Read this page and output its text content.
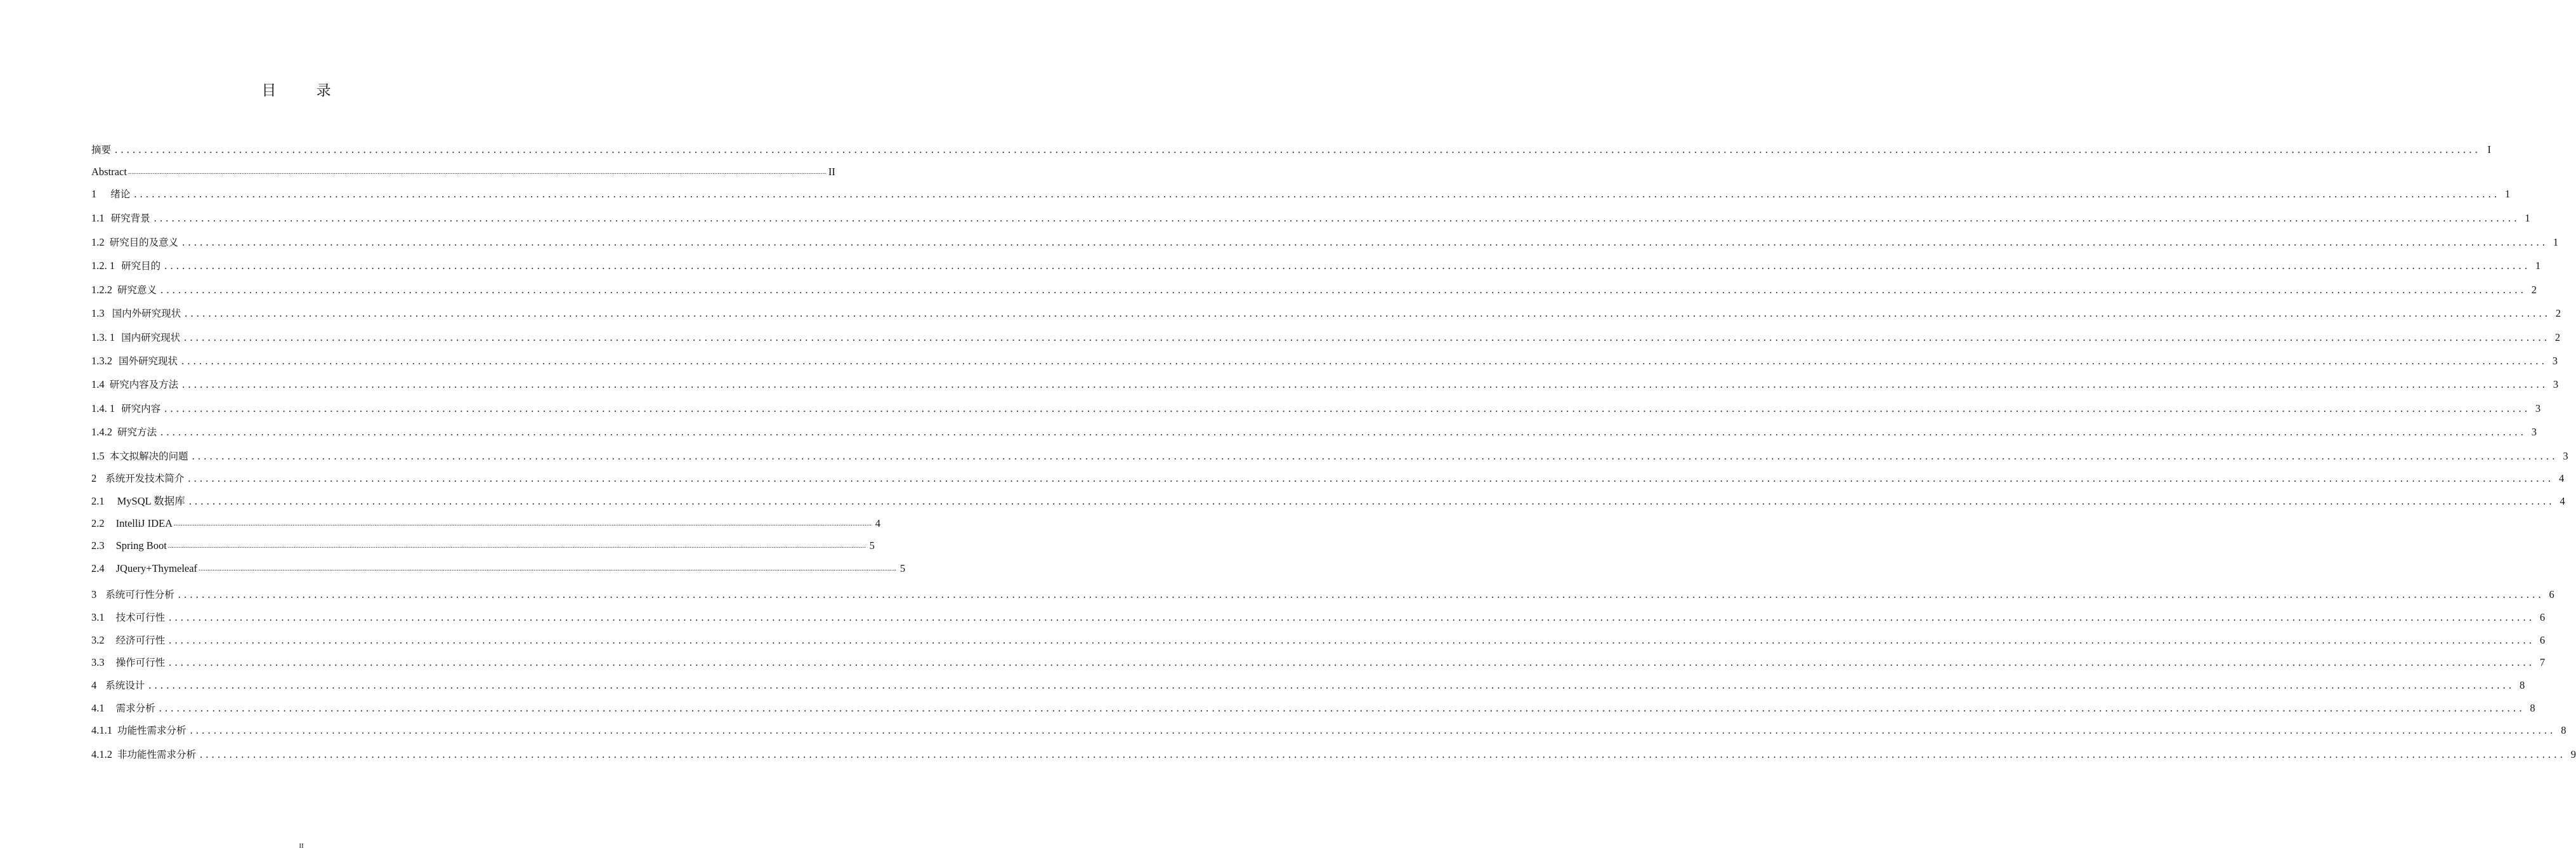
目 录
摘要 ................................................................................................................................................................................................................................................................................................................................................................................................................ I
Abstract ................................................................................................................................................................................................................................................................................................................................................................................................................ II
1 绪论 ................................................................................................................................................................................................................................................................................................................................................................................................................ 1
1.1 研究背景 ................................................................................................................................................................................................................................................................................................................................................................................................................ 1
1.2 研究目的及意义 ................................................................................................................................................................................................................................................................................................................................................................................................................ 1
1.2. 1 研究目的 ................................................................................................................................................................................................................................................................................................................................................................................................................ 1
1.2.2 研究意义 ................................................................................................................................................................................................................................................................................................................................................................................................................ 2
1.3 国内外研究现状 ................................................................................................................................................................................................................................................................................................................................................................................................................ 2
1.3. 1 国内研究现状 ................................................................................................................................................................................................................................................................................................................................................................................................................ 2
1.3.2 国外研究现状 ................................................................................................................................................................................................................................................................................................................................................................................................................ 3
1.4 研究内容及方法 ................................................................................................................................................................................................................................................................................................................................................................................................................ 3
1.4. 1 研究内容 ................................................................................................................................................................................................................................................................................................................................................................................................................ 3
1.4.2 研究方法 ................................................................................................................................................................................................................................................................................................................................................................................................................ 3
1.5 本文拟解决的问题 ................................................................................................................................................................................................................................................................................................................................................................................................................ 3
2 系统开发技术简介 ................................................................................................................................................................................................................................................................................................................................................................................................................ 4
2.1 MySQL 数据库 ................................................................................................................................................................................................................................................................................................................................................................................................................ 4
2.2 IntelliJ IDEA ................................................................................................................................................................................................................................................................................................................................................................................................................ 4
2.3 Spring Boot ................................................................................................................................................................................................................................................................................................................................................................................................................ 5
2.4 JQuery+Thymeleaf ................................................................................................................................................................................................................................................................................................................................................................................................................ 5
3 系统可行性分析 ................................................................................................................................................................................................................................................................................................................................................................................................................ 6
3.1 技术可行性 ................................................................................................................................................................................................................................................................................................................................................................................................................ 6
3.2 经济可行性 ................................................................................................................................................................................................................................................................................................................................................................................................................ 6
3.3 操作可行性 ................................................................................................................................................................................................................................................................................................................................................................................................................ 7
4 系统设计 ................................................................................................................................................................................................................................................................................................................................................................................................................ 8
4.1 需求分析 ................................................................................................................................................................................................................................................................................................................................................................................................................ 8
4.1.1 功能性需求分析 ................................................................................................................................................................................................................................................................................................................................................................................................................ 8
4.1.2 非功能性需求分析 ................................................................................................................................................................................................................................................................................................................................................................................................................ 9
II
